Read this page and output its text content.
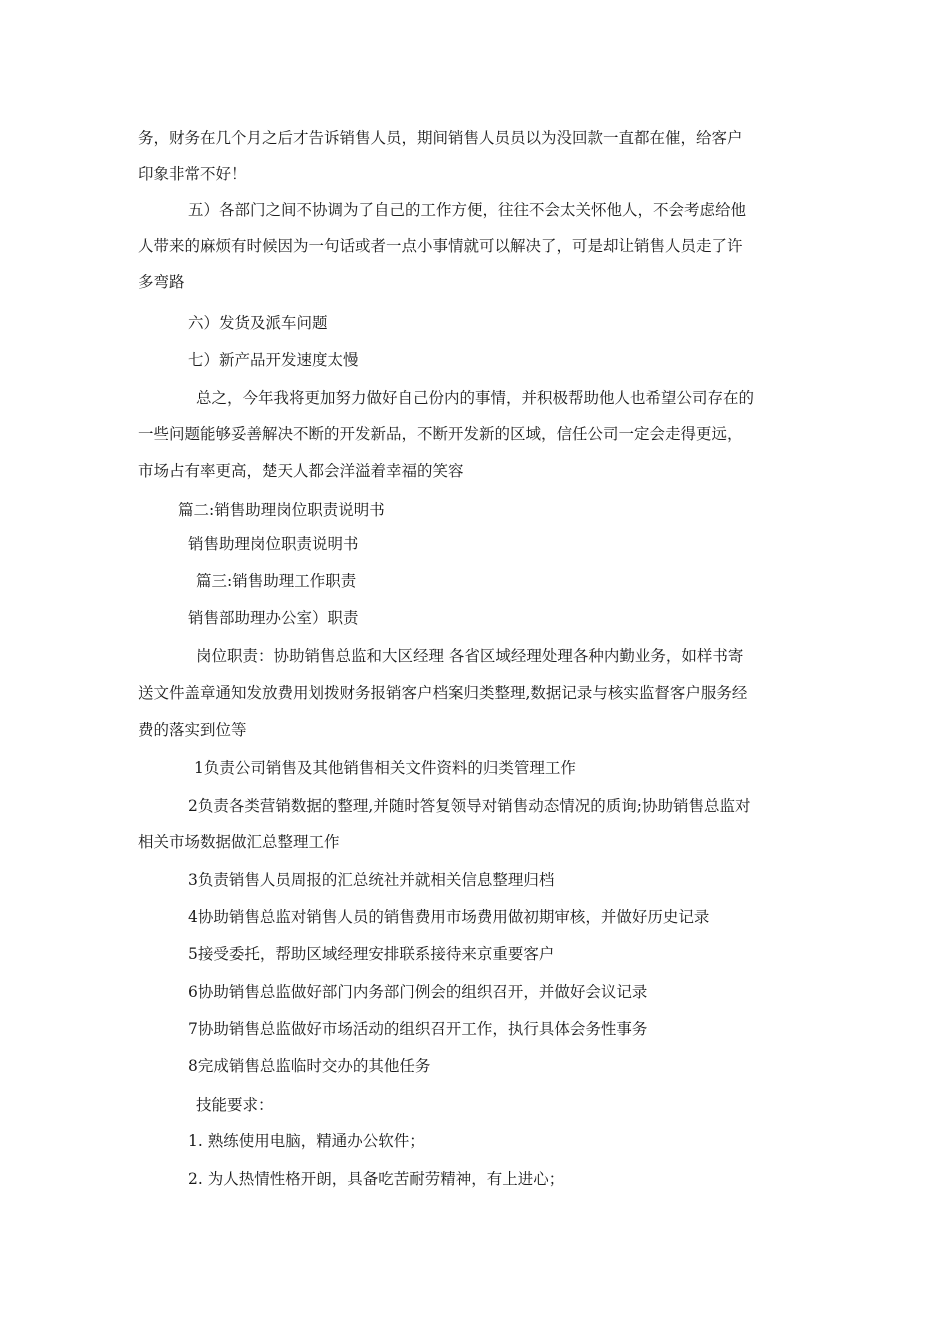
务，财务在几个月之后才告诉销售人员，期间销售人员员以为没回款一直都在催，给客户
印象非常不好！
五）各部门之间不协调为了自己的工作方便，往往不会太关怀他人，不会考虑给他
人带来的麻烦有时候因为一句话或者一点小事情就可以解决了，可是却让销售人员走了许
多弯路
六）发货及派车问题
七）新产品开发速度太慢
总之，今年我将更加努力做好自己份内的事情，并积极帮助他人也希望公司存在的
一些问题能够妥善解决不断的开发新品，不断开发新的区域，信任公司一定会走得更远，
市场占有率更高，楚天人都会洋溢着幸福的笑容
篇二:销售助理岗位职责说明书
销售助理岗位职责说明书
篇三:销售助理工作职责
销售部助理办公室）职责
岗位职责：协助销售总监和大区经理 各省区域经理处理各种内勤业务，如样书寄
送文件盖章通知发放费用划拨财务报销客户档案归类整理,数据记录与核实监督客户服务经
费的落实到位等
1负责公司销售及其他销售相关文件资料的归类管理工作
2负责各类营销数据的整理,并随时答复领导对销售动态情况的质询;协助销售总监对
相关市场数据做汇总整理工作
3负责销售人员周报的汇总统社并就相关信息整理归档
4协助销售总监对销售人员的销售费用市场费用做初期审核，并做好历史记录
5接受委托，帮助区域经理安排联系接待来京重要客户
6协助销售总监做好部门内务部门例会的组织召开，并做好会议记录
7协助销售总监做好市场活动的组织召开工作，执行具体会务性事务
8完成销售总监临时交办的其他任务
技能要求：
1. 熟练使用电脑，精通办公软件；
2. 为人热情性格开朗，具备吃苦耐劳精神，有上进心；
